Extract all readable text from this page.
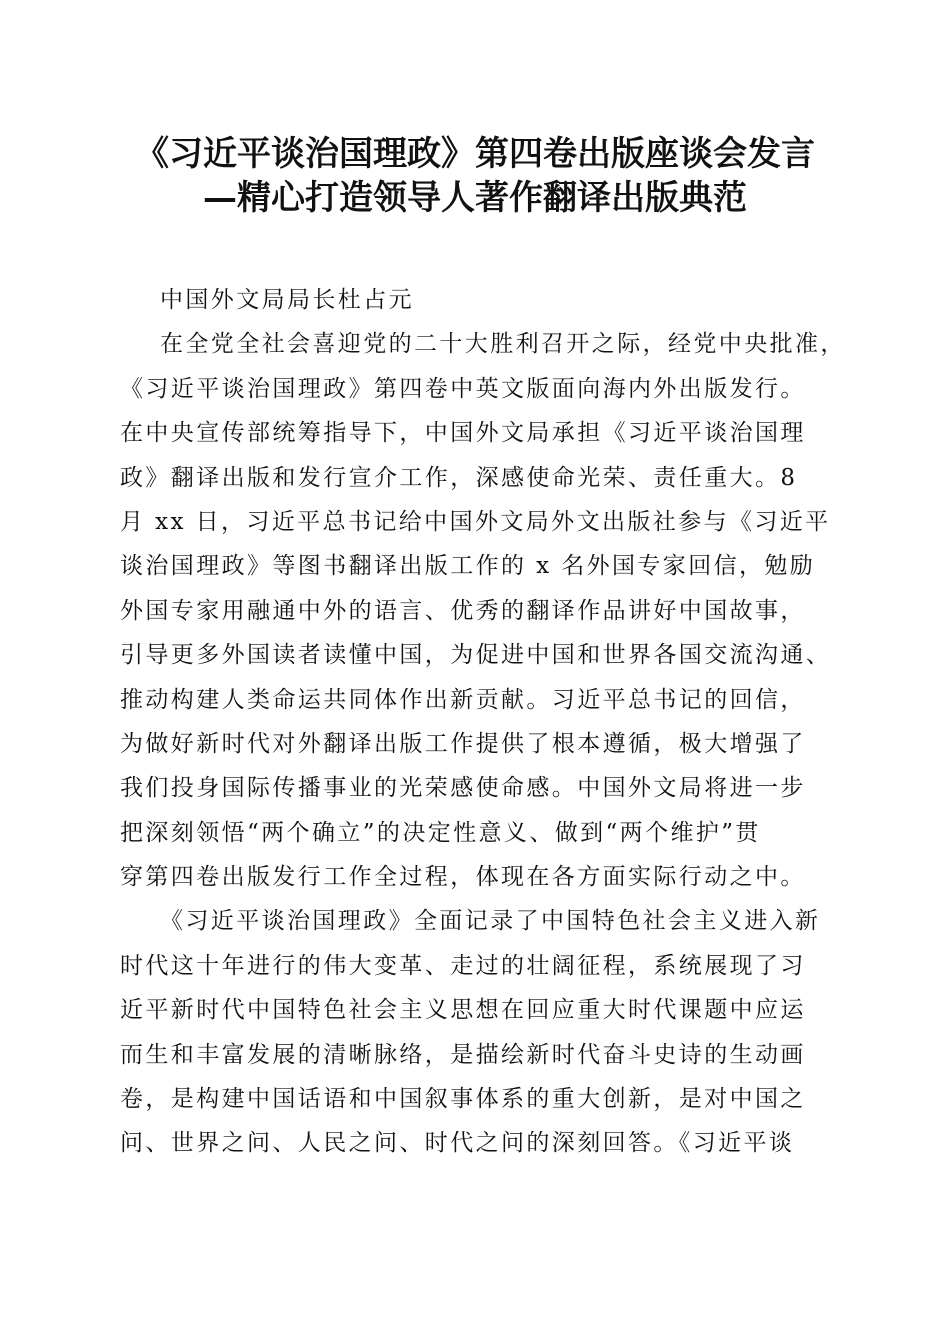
《习近平谈治国理政》第四卷出版座谈会发言
—精心打造领导人著作翻译出版典范
中国外文局局长杜占元
在全党全社会喜迎党的二十大胜利召开之际，经党中央批准，
《习近平谈治国理政》第四卷中英文版面向海内外出版发行。
在中央宣传部统筹指导下，中国外文局承担《习近平谈治国理
政》翻译出版和发行宣介工作，深感使命光荣、责任重大。8
月 xx 日，习近平总书记给中国外文局外文出版社参与《习近平
谈治国理政》等图书翻译出版工作的 x 名外国专家回信，勉励
外国专家用融通中外的语言、优秀的翻译作品讲好中国故事，
引导更多外国读者读懂中国，为促进中国和世界各国交流沟通、
推动构建人类命运共同体作出新贡献。习近平总书记的回信，
为做好新时代对外翻译出版工作提供了根本遵循，极大增强了
我们投身国际传播事业的光荣感使命感。中国外文局将进一步
把深刻领悟“两个确立”的决定性意义、做到“两个维护”贯
穿第四卷出版发行工作全过程，体现在各方面实际行动之中。
《习近平谈治国理政》全面记录了中国特色社会主义进入新
时代这十年进行的伟大变革、走过的壮阔征程，系统展现了习
近平新时代中国特色社会主义思想在回应重大时代课题中应运
而生和丰富发展的清晰脉络，是描绘新时代奋斗史诗的生动画
卷，是构建中国话语和中国叙事体系的重大创新，是对中国之
问、世界之问、人民之问、时代之问的深刻回答。《习近平谈
